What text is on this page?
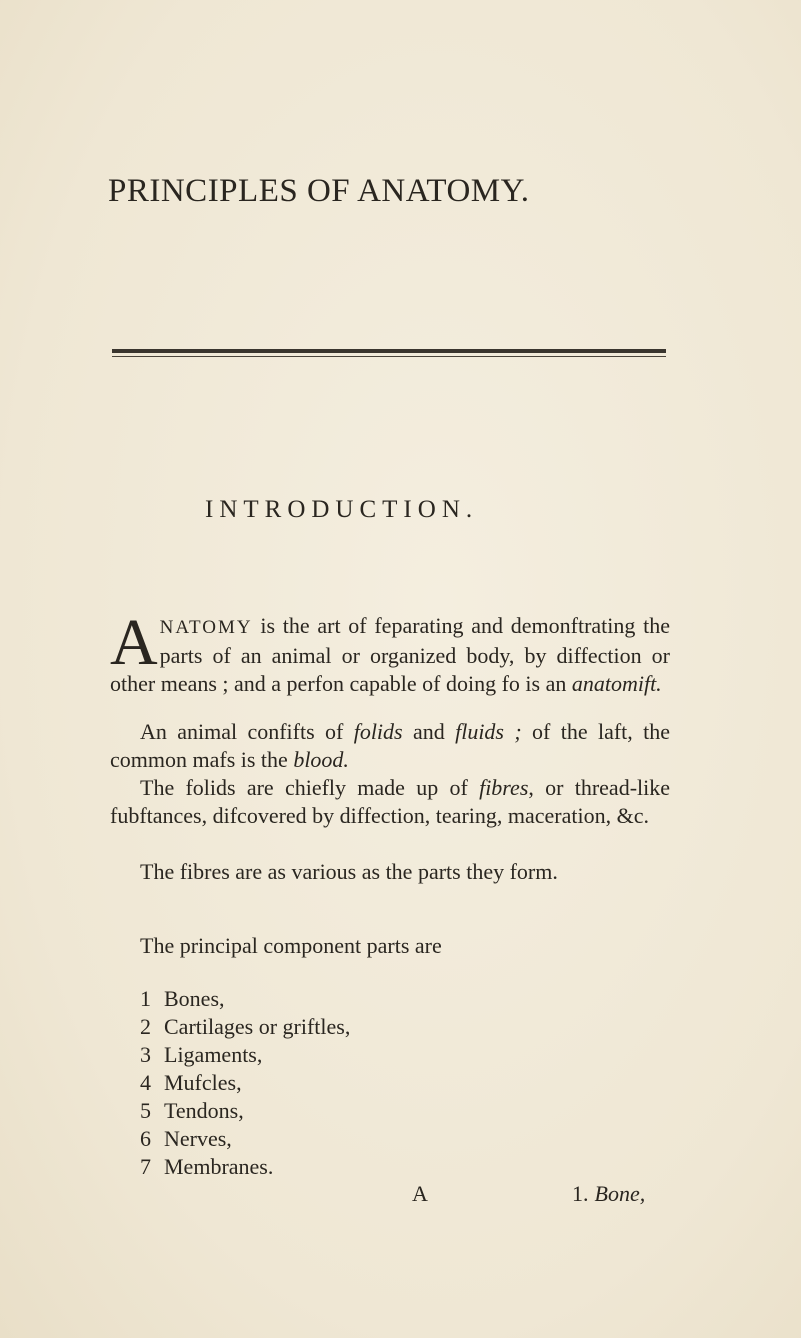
PRINCIPLES OF ANATOMY.
INTRODUCTION.
ANATOMY is the art of feparating and demonftrating the parts of an animal or organized body, by diffection or other means ; and a perfon capable of doing fo is an anatomift.
An animal confifts of folids and fluids ; of the laft, the common mafs is the blood.
The folids are chiefly made up of fibres, or thread-like fubftances, difcovered by diffection, tearing, maceration, &c.
The fibres are as various as the parts they form.
The principal component parts are
1 Bones,
2 Cartilages or griftles,
3 Ligaments,
4 Mufcles,
5 Tendons,
6 Nerves,
7 Membranes.
A	1. Bone,
